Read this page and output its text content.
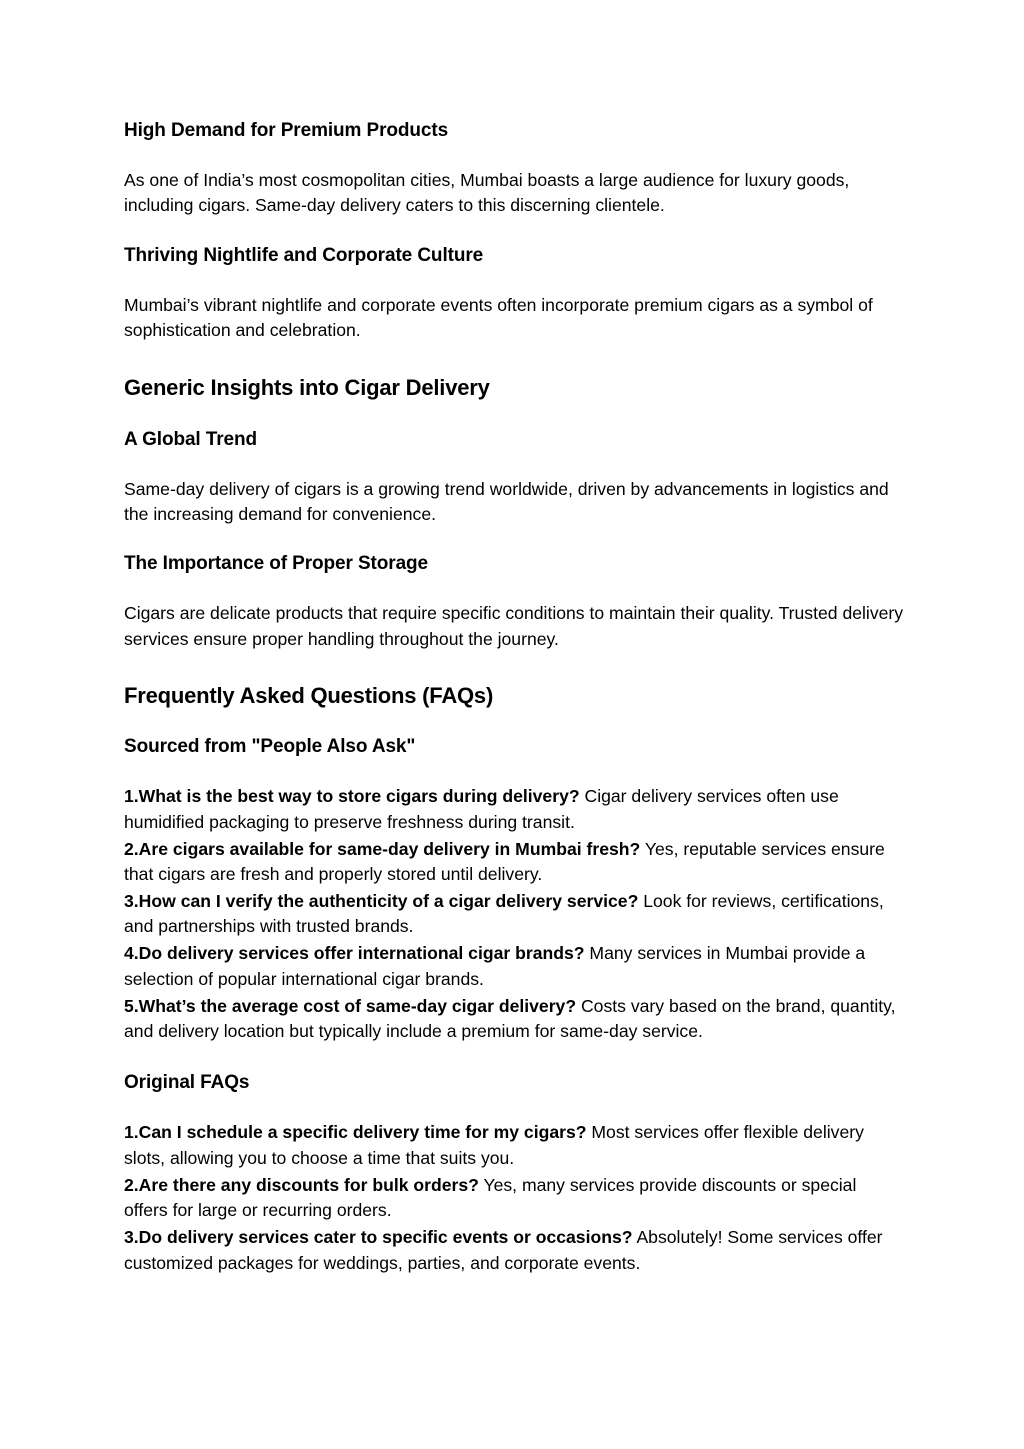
High Demand for Premium Products

As one of India’s most cosmopolitan cities, Mumbai boasts a large audience for luxury goods, including cigars. Same-day delivery caters to this discerning clientele.

Thriving Nightlife and Corporate Culture

Mumbai’s vibrant nightlife and corporate events often incorporate premium cigars as a symbol of sophistication and celebration.

Generic Insights into Cigar Delivery
A Global Trend

Same-day delivery of cigars is a growing trend worldwide, driven by advancements in logistics and the increasing demand for convenience.

The Importance of Proper Storage

Cigars are delicate products that require specific conditions to maintain their quality. Trusted delivery services ensure proper handling throughout the journey.

Frequently Asked Questions (FAQs)
Sourced from "People Also Ask"

1.What is the best way to store cigars during delivery? Cigar delivery services often use humidified packaging to preserve freshness during transit.

2.Are cigars available for same-day delivery in Mumbai fresh? Yes, reputable services ensure that cigars are fresh and properly stored until delivery.

3.How can I verify the authenticity of a cigar delivery service? Look for reviews, certifications, and partnerships with trusted brands.

4.Do delivery services offer international cigar brands? Many services in Mumbai provide a selection of popular international cigar brands.

5.What’s the average cost of same-day cigar delivery? Costs vary based on the brand, quantity, and delivery location but typically include a premium for same-day service.

Original FAQs

1.Can I schedule a specific delivery time for my cigars? Most services offer flexible delivery slots, allowing you to choose a time that suits you.

2.Are there any discounts for bulk orders? Yes, many services provide discounts or special offers for large or recurring orders.

3.Do delivery services cater to specific events or occasions? Absolutely! Some services offer customized packages for weddings, parties, and corporate events.
